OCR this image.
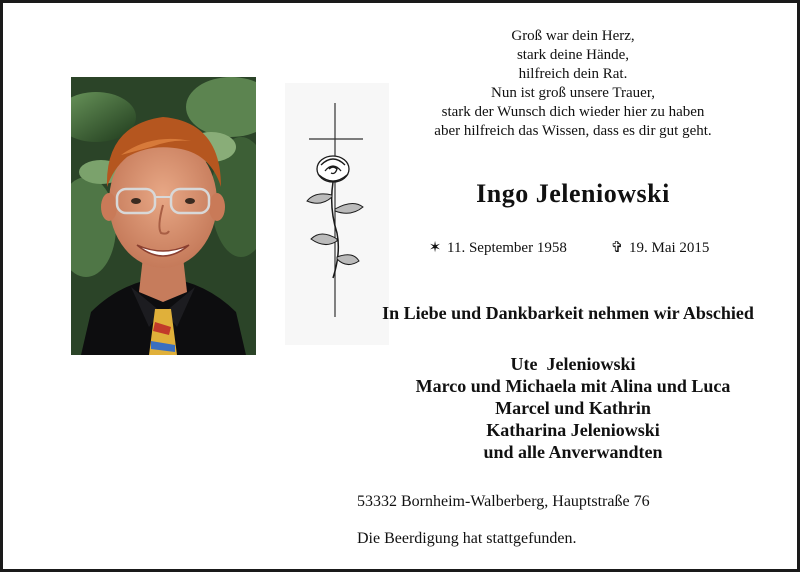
Groß war dein Herz,
stark deine Hände,
hilfreich dein Rat.
Nun ist groß unsere Trauer,
stark der Wunsch dich wieder hier zu haben
aber hilfreich das Wissen, dass es dir gut geht.
Ingo Jeleniowski
✶ 11. September 1958	✞ 19. Mai 2015
In Liebe und Dankbarkeit nehmen wir Abschied
Ute  Jeleniowski
Marco und Michaela mit Alina und Luca
Marcel und Kathrin
Katharina Jeleniowski
und alle Anverwandten
53332 Bornheim-Walberberg, Hauptstraße 76
Die Beerdigung hat stattgefunden.
